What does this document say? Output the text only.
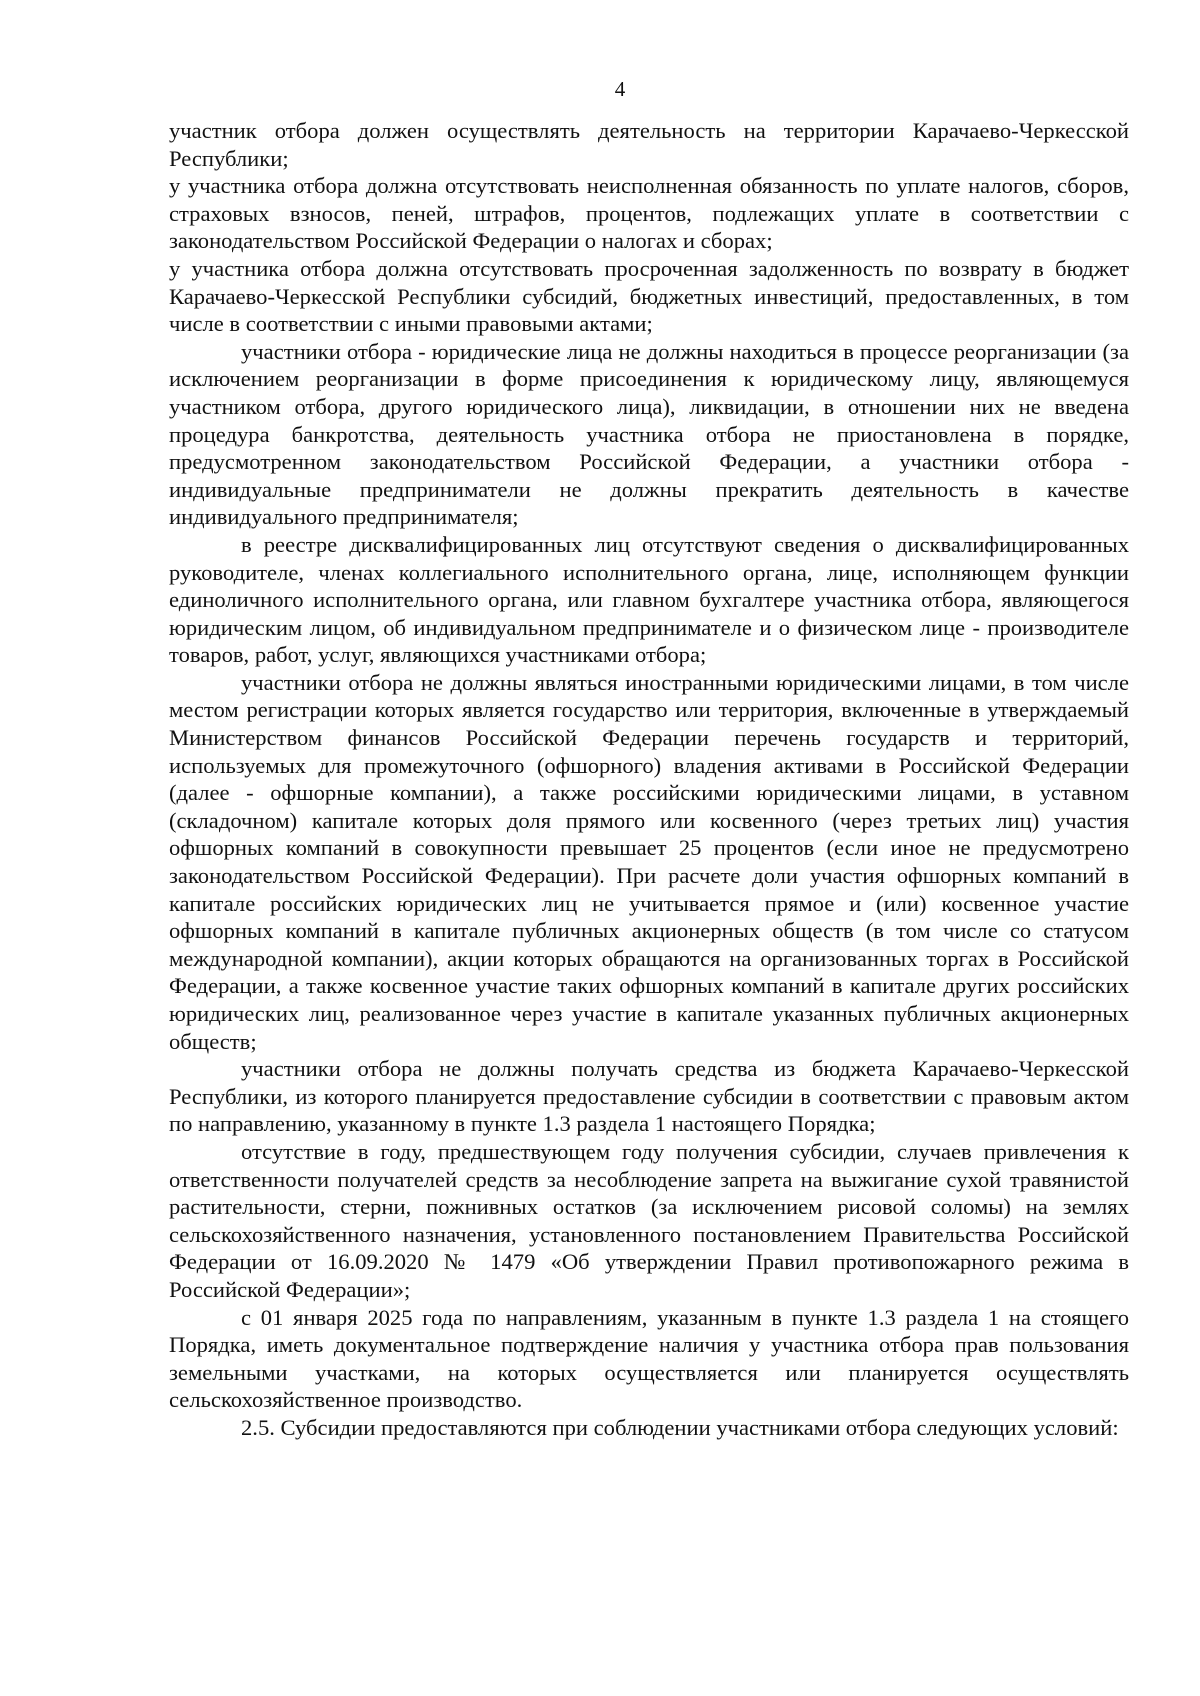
4

участник отбора должен осуществлять деятельность на территории Карачаево-Черкесской Республики;

у участника отбора должна отсутствовать неисполненная обязанность по уплате налогов, сборов, страховых взносов, пеней, штрафов, процентов, подлежащих уплате в соответствии с законодательством Российской Федерации о налогах и сборах;

у участника отбора должна отсутствовать просроченная задолженность по возврату в бюджет Карачаево-Черкесской Республики субсидий, бюджетных инвестиций, предоставленных, в том числе в соответствии с иными правовыми актами;

участники отбора - юридические лица не должны находиться в процессе реорганизации (за исключением реорганизации в форме присоединения к юридическому лицу, являющемуся участником отбора, другого юридического лица), ликвидации, в отношении них не введена процедура банкротства, деятельность участника отбора не приостановлена в порядке, предусмотренном законодательством Российской Федерации, а участники отбора - индивидуальные предприниматели не должны прекратить деятельность в качестве индивидуального предпринимателя;

в реестре дисквалифицированных лиц отсутствуют сведения о дисквалифицированных руководителе, членах коллегиального исполнительного органа, лице, исполняющем функции единоличного исполнительного органа, или главном бухгалтере участника отбора, являющегося юридическим лицом, об индивидуальном предпринимателе и о физическом лице - производителе товаров, работ, услуг, являющихся участниками отбора;

участники отбора не должны являться иностранными юридическими лицами, в том числе местом регистрации которых является государство или территория, включенные в утверждаемый Министерством финансов Российской Федерации перечень государств и территорий, используемых для промежуточного (офшорного) владения активами в Российской Федерации (далее - офшорные компании), а также российскими юридическими лицами, в уставном (складочном) капитале которых доля прямого или косвенного (через третьих лиц) участия офшорных компаний в совокупности превышает 25 процентов (если иное не предусмотрено законодательством Российской Федерации). При расчете доли участия офшорных компаний в капитале российских юридических лиц не учитывается прямое и (или) косвенное участие офшорных компаний в капитале публичных акционерных обществ (в том числе со статусом международной компании), акции которых обращаются на организованных торгах в Российской Федерации, а также косвенное участие таких офшорных компаний в капитале других российских юридических лиц, реализованное через участие в капитале указанных публичных акционерных обществ;

участники отбора не должны получать средства из бюджета Карачаево-Черкесской Республики, из которого планируется предоставление субсидии в соответствии с правовым актом по направлению, указанному в пункте 1.3 раздела 1 настоящего Порядка;

отсутствие в году, предшествующем году получения субсидии, случаев привлечения к ответственности получателей средств за несоблюдение запрета на выжигание сухой травянистой растительности, стерни, пожнивных остатков (за исключением рисовой соломы) на землях сельскохозяйственного назначения, установленного постановлением Правительства Российской Федерации от 16.09.2020 № 1479 «Об утверждении Правил противопожарного режима в Российской Федерации»;

с 01 января 2025 года по направлениям, указанным в пункте 1.3 раздела 1 на стоящего Порядка, иметь документальное подтверждение наличия у участника отбора прав пользования земельными участками, на которых осуществляется или планируется осуществлять сельскохозяйственное производство.

2.5. Субсидии предоставляются при соблюдении участниками отбора следующих условий:
